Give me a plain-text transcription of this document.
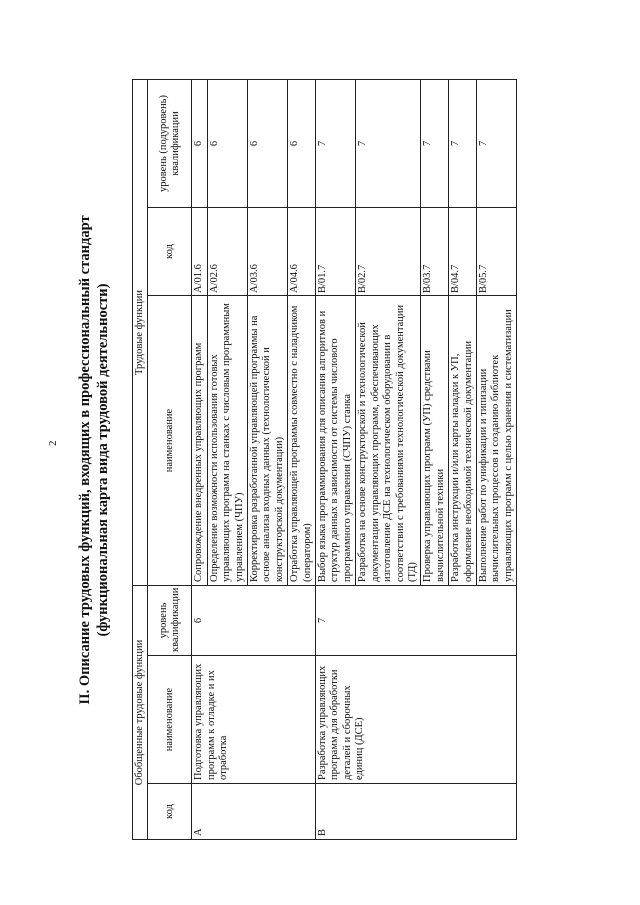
2 II. Описание трудовых функций, входящих в профессиональный стандарт (функциональная карта вида трудовой деятельности)
Обобщенные трудовые функции			Трудовые функции		
код	наименование	уровень квалификации	наименование	код	уровень (подуровень) квалификации
A	Подготовка управляющих программ к отладке и их отработка	6	Сопровождение внедренных управляющих программ	A/01.6	6
			Определение возможности использования готовых управляющих программ на станках с числовым программным управлением (ЧПУ)	A/02.6	6
			Корректировка разработанной управляющей программы на основе анализа входных данных (технологической и конструкторской документации)	A/03.6	6
			Отработка управляющей программы совместно с наладчиком (оператором)	A/04.6	6
B	Разработка управляющих программ для обработки деталей и сборочных единиц (ДСЕ)	7	Выбор языка программирования для описания алгоритмов и структур данных в зависимости от системы числового программного управления (СЧПУ) станка	B/01.7	7
			Разработка на основе конструкторской и технологической документации управляющих программ, обеспечивающих изготовление ДСЕ на технологическом оборудовании в соответствии с требованиями технологической документации (ТД)	B/02.7	7
			Проверка управляющих программ (УП) средствами вычислительной техники	B/03.7	7
			Разработка инструкции и/или карты наладки к УП, оформление необходимой технической документации	B/04.7	7
			Выполнение работ по унификации и типизации вычислительных процессов и созданию библиотек управляющих программ с целью хранения и систематизации	B/05.7	7
